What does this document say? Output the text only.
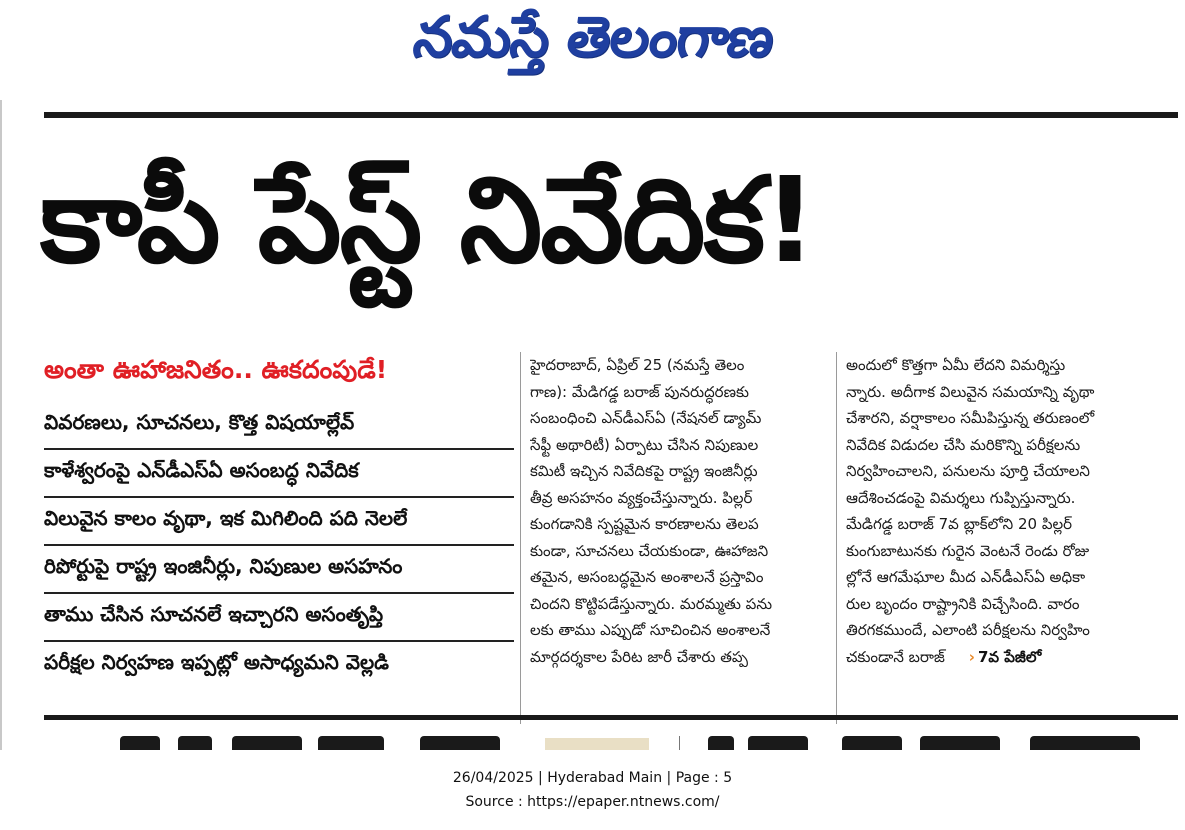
నమస్తే తెలంగాణ
కాపీ పేస్ట్ నివేదిక!
అంతా ఊహాజనితం.. ఊకదంపుడే!
వివరణలు, సూచనలు, కొత్త విషయాల్లేవ్
కాళేశ్వరంపై ఎన్‌డీఎస్‌ఏ అసంబద్ధ నివేదిక
విలువైన కాలం వృథా, ఇక మిగిలింది పది నెలలే
రిపోర్టుపై రాష్ట్ర ఇంజినీర్లు, నిపుణుల అసహనం
తాము చేసిన సూచనలే ఇచ్చారని అసంతృప్తి
పరీక్షల నిర్వహణ ఇప్పట్లో అసాధ్యమని వెల్లడి
హైదరాబాద్, ఏప్రిల్ 25 (నమస్తే తెలం
గాణ): మేడిగడ్డ బరాజ్ పునరుద్ధరణకు
సంబంధించి ఎన్‌డీఎస్‌ఏ (నేషనల్ డ్యామ్
సేఫ్టీ అథారిటీ) ఏర్పాటు చేసిన నిపుణుల
కమిటీ ఇచ్చిన నివేదికపై రాష్ట్ర ఇంజినీర్లు
తీవ్ర అసహనం వ్యక్తంచేస్తున్నారు. పిల్లర్
కుంగడానికి స్పష్టమైన కారణాలను తెలప
కుండా, సూచనలు చేయకుండా, ఊహాజని
తమైన, అసంబద్ధమైన అంశాలనే ప్రస్తావిం
చిందని కొట్టిపడేస్తున్నారు. మరమ్మతు పను
లకు తాము ఎప్పుడో సూచించిన అంశాలనే
మార్గదర్శకాల పేరిట జారీ చేశారు తప్ప
అందులో కొత్తగా ఏమీ లేదని విమర్శిస్తు
న్నారు. అదీగాక విలువైన సమయాన్ని వృథా
చేశారని, వర్షాకాలం సమీపిస్తున్న తరుణంలో
నివేదిక విడుదల చేసి మరికొన్ని పరీక్షలను
నిర్వహించాలని, పనులను పూర్తి చేయాలని
ఆదేశించడంపై విమర్శలు గుప్పిస్తున్నారు.
మేడిగడ్డ బరాజ్ 7వ బ్లాక్‌లోని 20 పిల్లర్
కుంగుబాటునకు గురైన వెంటనే రెండు రోజు
ల్లోనే ఆగమేఘాల మీద ఎన్‌డీఎస్‌ఏ అధికా
రుల బృందం రాష్ట్రానికి విచ్చేసింది. వారం
తిరగకముందే, ఎలాంటి పరీక్షలను నిర్వహిం
చకుండానే బరాజ్ › 7వ పేజీలో
26/04/2025 | Hyderabad Main | Page : 5
Source : https://epaper.ntnews.com/
